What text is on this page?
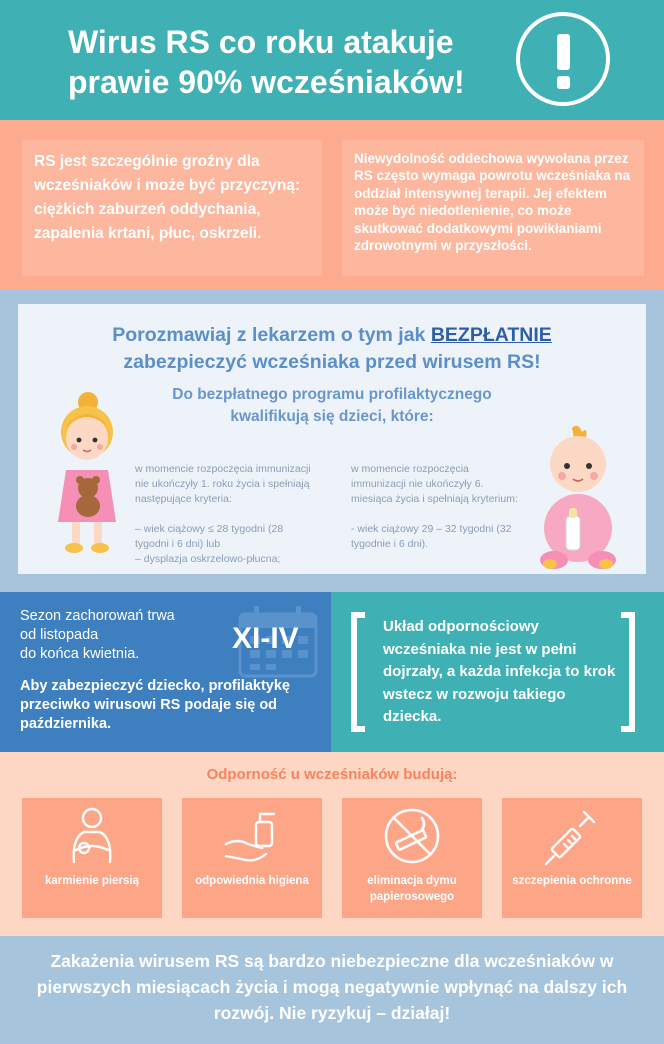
Wirus RS co roku atakuje
prawie 90% wcześniaków!
RS jest szczególnie groźny dla wcześniaków i może być przyczyną: ciężkich zaburzeń oddychania, zapalenia krtani, płuc, oskrzeli.
Niewydolność oddechowa wywołana przez RS często wymaga powrotu wcześniaka na oddział intensywnej terapii. Jej efektem może być niedotlenienie, co może skutkować dodatkowymi powikłaniami zdrowotnymi w przyszłości.
Porozmawiaj z lekarzem o tym jak BEZPŁATNIE
zabezpieczyć wcześniaka przed wirusem RS!
Do bezpłatnego programu profilaktycznego
kwalifikują się dzieci, które:

w momencie rozpoczęcia immunizacji nie ukończyły 1. roku życia i spełniają następujące kryteria:

– wiek ciążowy ≤ 28 tygodni (28 tygodni i 6 dni) lub
– dysplazja oskrzelowo-płucna;

w momencie rozpoczęcia immunizacji nie ukończyły 6. miesiąca życia i spełniają kryterium:

- wiek ciążowy 29 – 32 tygodni (32 tygodnie i 6 dni).
Sezon zachorowań trwa
od listopada
do końca kwietnia.	XI-IV
Aby zabezpieczyć dziecko, profilaktykę przeciwko wirusowi RS podaje się od października.
Układ odpornościowy wcześniaka nie jest w pełni dojrzały, a każda infekcja to krok wstecz w rozwoju takiego dziecka.
Odporność u wcześniaków budują:
karmienie piersią	odpowiednia higiena	eliminacja dymu papierosowego
szczepienia ochronne
Zakażenia wirusem RS są bardzo niebezpieczne dla wcześniaków w pierwszych miesiącach życia i mogą negatywnie wpłynąć na dalszy ich rozwój. Nie ryzykuj – działaj!
